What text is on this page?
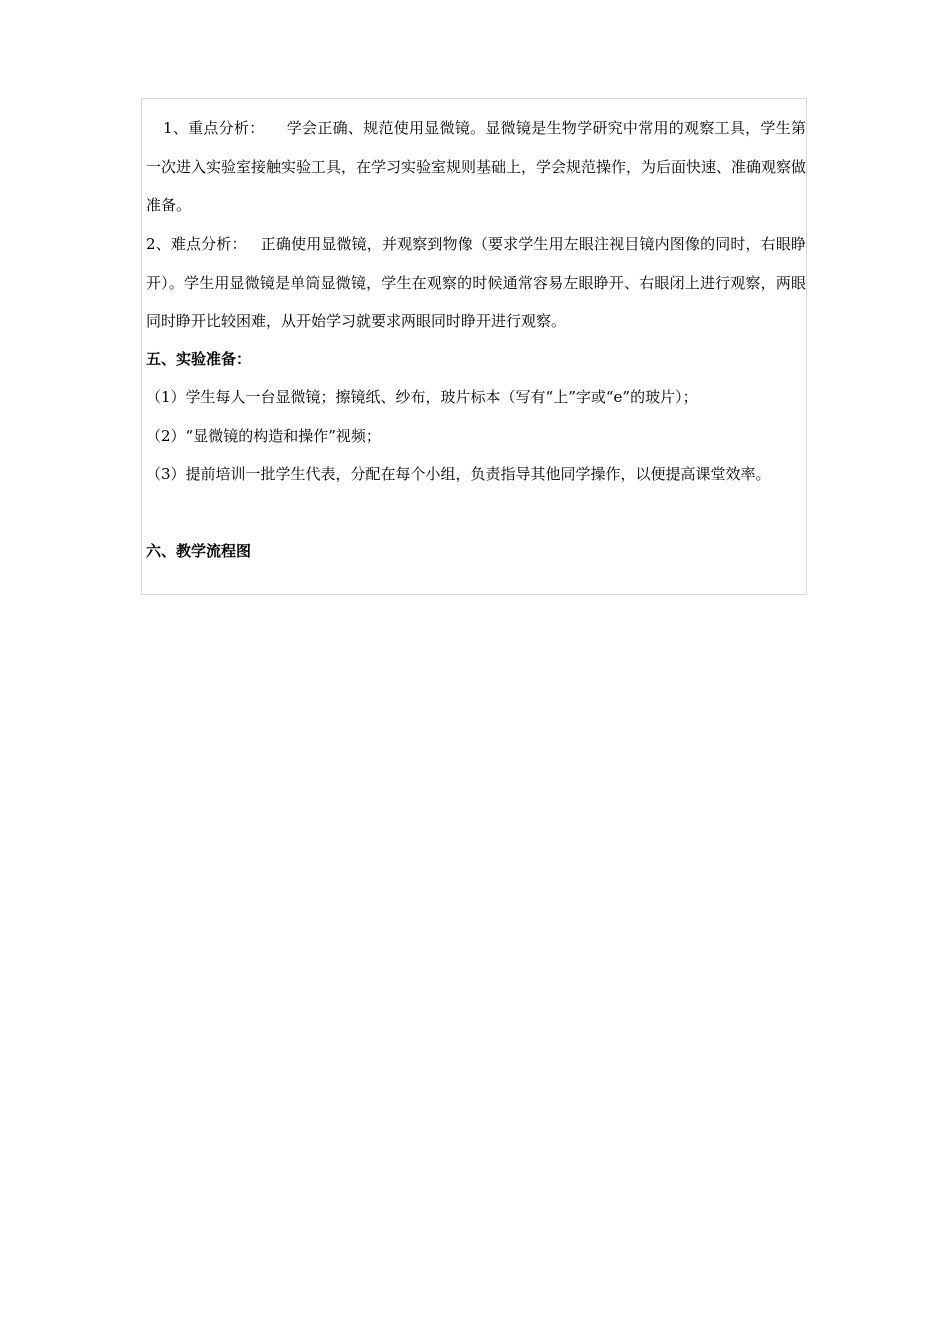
1、重点分析： 学会正确、规范使用显微镜。显微镜是生物学研究中常用的观察工具，学生第一次进入实验室接触实验工具，在学习实验室规则基础上，学会规范操作，为后面快速、准确观察做准备。

2、难点分析： 正确使用显微镜，并观察到物像（要求学生用左眼注视目镜内图像的同时，右眼睁开）。学生用显微镜是单筒显微镜，学生在观察的时候通常容易左眼睁开、右眼闭上进行观察，两眼同时睁开比较困难，从开始学习就要求两眼同时睁开进行观察。

五、实验准备：

（1）学生每人一台显微镜；擦镜纸、纱布，玻片标本（写有“上”字或“e”的玻片）；

（2）“显微镜的构造和操作”视频；

（3）提前培训一批学生代表，分配在每个小组，负责指导其他同学操作，以便提高课堂效率。

六、教学流程图
